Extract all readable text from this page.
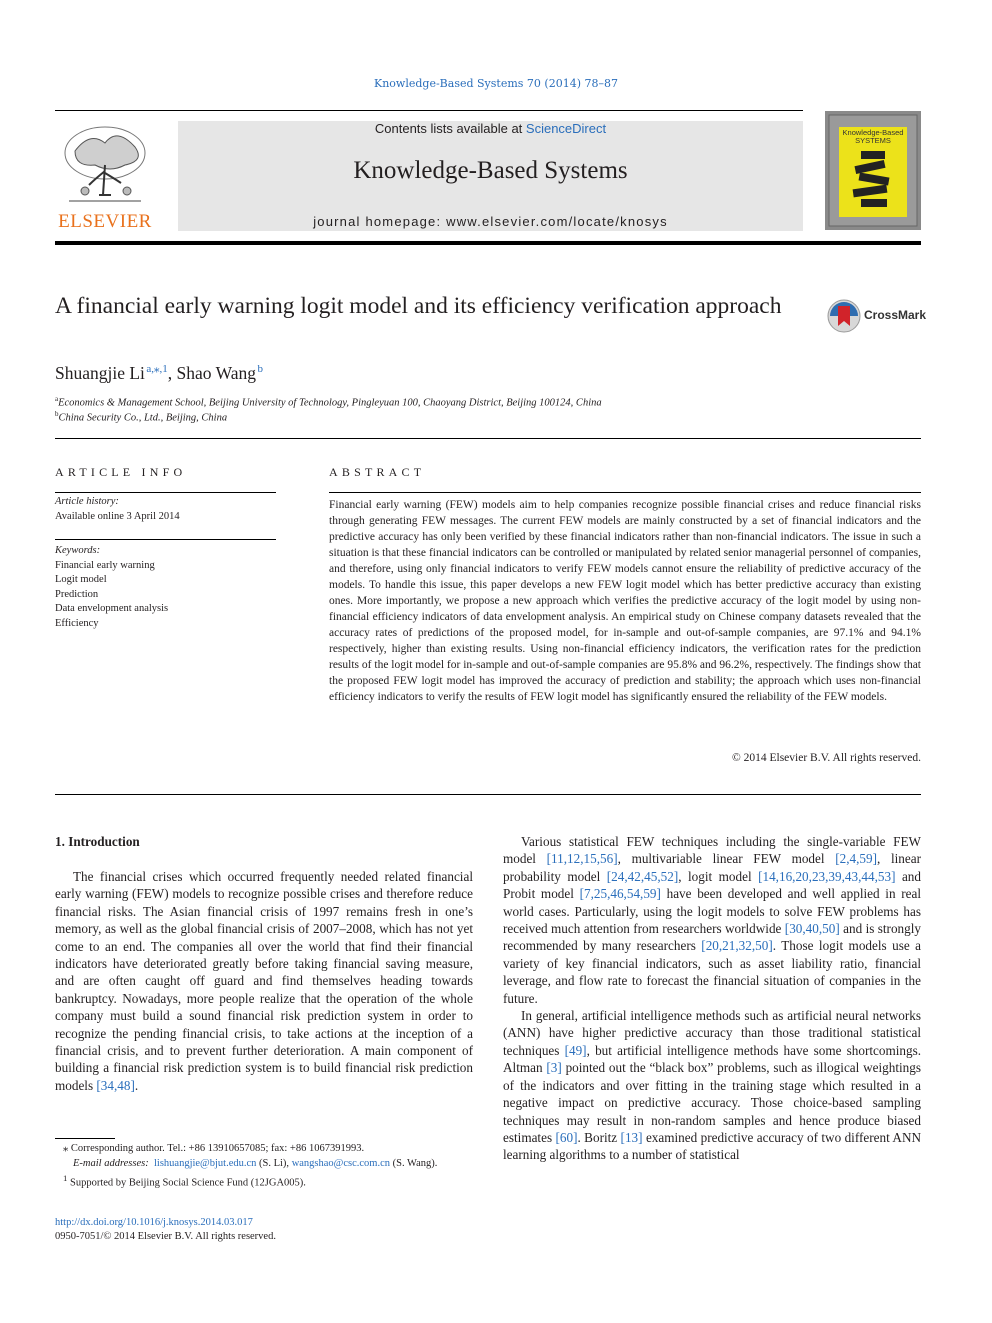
Knowledge-Based Systems 70 (2014) 78–87
ELSEVIER
Contents lists available at ScienceDirect
Knowledge-Based Systems
journal homepage: www.elsevier.com/locate/knosys
Knowledge-Based
SYSTEMS
A financial early warning logit model and its efficiency verification approach	CrossMark
Shuangjie Li $^{a,⁎,1}$, Shao Wang $^b$
$^a$Economics & Management School, Beijing University of Technology, Pingleyuan 100, Chaoyang District, Beijing 100124, China
$^b$China Security Co., Ltd., Beijing, China
ARTICLE INFO
Article history:
Available online 3 April 2014
Keywords:
Financial early warning
Logit model
Prediction
Data envelopment analysis
Efficiency
ABSTRACT
Financial early warning (FEW) models aim to help companies recognize possible financial crises and reduce financial risks through generating FEW messages. The current FEW models are mainly constructed by a set of financial indicators and the predictive accuracy has only been verified by these financial indicators rather than non-financial indicators. The issue in such a situation is that these financial indicators can be controlled or manipulated by related senior managerial personnel of companies, and therefore, using only financial indicators to verify FEW models cannot ensure the reliability of predictive accuracy of the models. To handle this issue, this paper develops a new FEW logit model which has better predictive accuracy than existing ones. More importantly, we propose a new approach which verifies the predictive accuracy of the logit model by using non-financial efficiency indicators of data envelopment analysis. An empirical study on Chinese company datasets revealed that the accuracy rates of predictions of the proposed model, for in-sample and out-of-sample companies, are 97.1% and 94.1% respectively, higher than existing results. Using non-financial efficiency indicators, the verification rates for the prediction results of the logit model for in-sample and out-of-sample companies are 95.8% and 96.2%, respectively. The findings show that the proposed FEW logit model has improved the accuracy of prediction and stability; the approach which uses non-financial efficiency indicators to verify the results of FEW logit model has significantly ensured the reliability of the FEW models.
© 2014 Elsevier B.V. All rights reserved.
1. Introduction

The financial crises which occurred frequently needed related financial early warning (FEW) models to recognize possible crises and therefore reduce financial risks. The Asian financial crisis of 1997 remains fresh in one’s memory, as well as the global financial crisis of 2007–2008, which has not yet come to an end. The companies all over the world that find their financial indicators have deteriorated greatly before taking financial saving measure, and are often caught off guard and find themselves heading towards bankruptcy. Nowadays, more people realize that the operation of the whole company must build a sound financial risk prediction system in order to recognize the pending financial crisis, to take actions at the inception of a financial crisis, and to prevent further deterioration. A main component of building a financial risk prediction system is to build financial risk prediction models [34,48].

Various statistical FEW techniques including the single-variable FEW model [11,12,15,56], multivariable linear FEW model [2,4,59], linear probability model [24,42,45,52], logit model [14,16,20,23,39,43,44,53] and Probit model [7,25,46,54,59] have been developed and well applied in real world cases. Particularly, using the logit models to solve FEW problems has received much attention from researchers worldwide [30,40,50] and is strongly recommended by many researchers [20,21,32,50]. Those logit models use a variety of key financial indicators, such as asset liability ratio, financial leverage, and flow rate to forecast the financial situation of companies in the future.

In general, artificial intelligence methods such as artificial neural networks (ANN) have higher predictive accuracy than those traditional statistical techniques [49], but artificial intelligence methods have some shortcomings. Altman [3] pointed out the “black box” problems, such as illogical weightings of the indicators and over fitting in the training stage which resulted in a negative impact on predictive accuracy. Those choice-based sampling techniques may result in non-random samples and hence produce biased estimates [60]. Boritz [13] examined predictive accuracy of two different ANN learning algorithms to a number of statistical

⁎ Corresponding author. Tel.: +86 13910657085; fax: +86 1067391993.

E-mail addresses: lishuangjie@bjut.edu.cn (S. Li), wangshao@csc.com.cn (S. Wang).

$^1$ Supported by Beijing Social Science Fund (12JGA005).

http://dx.doi.org/10.1016/j.knosys.2014.03.017
0950-7051/© 2014 Elsevier B.V. All rights reserved.
